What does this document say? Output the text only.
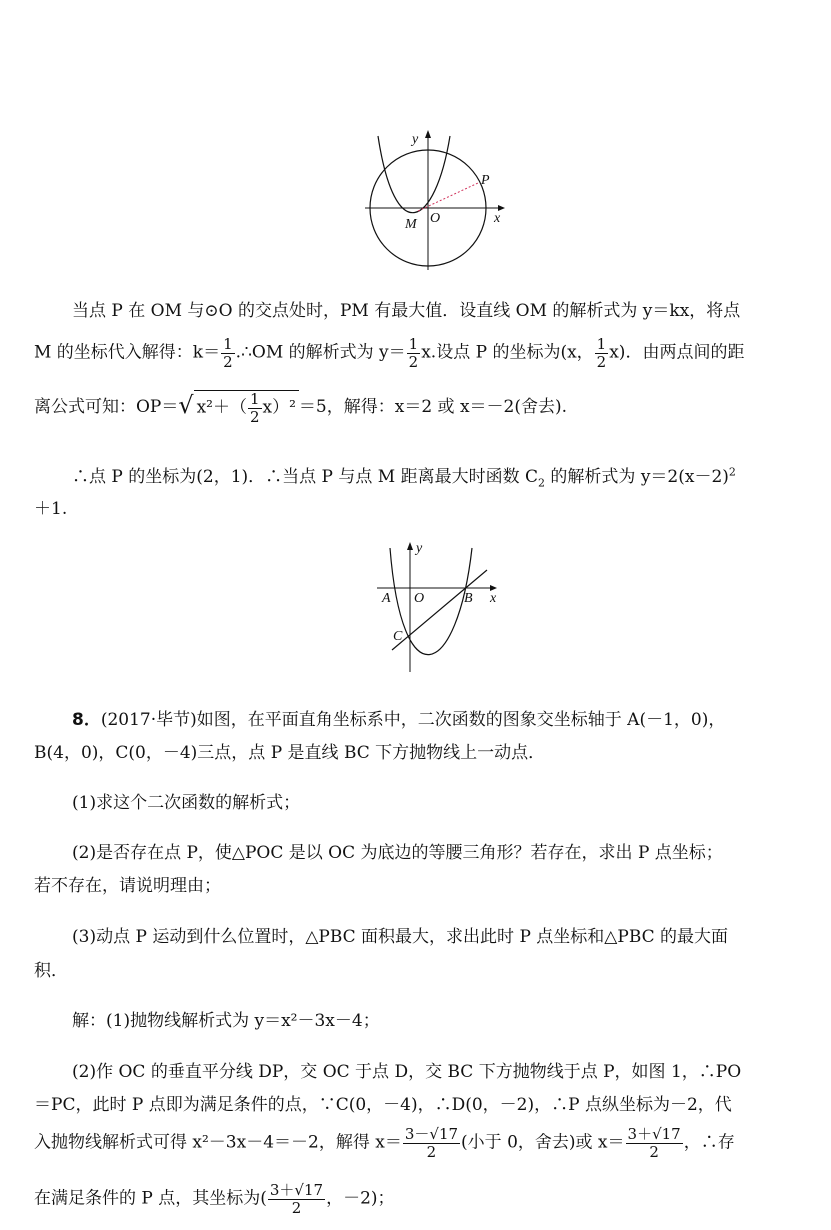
y
x
O
P
M
当点 P 在 OM 与⊙O 的交点处时，PM 有最大值．设直线 OM 的解析式为 y＝kx，将点
M 的坐标代入解得：$k= \frac{1}{2}$ .∴OM 的解析式为 $y= \frac{1}{2} x$.设点 P 的坐标为(x， $\frac{1}{2} x$)．由两点间的距
离公式可知：OP＝√ $x^2+( \frac{1}{2} x)^2 =5$，解得：x＝2 或 x＝－2(舍去).
∴点 P 的坐标为(2，1)．∴当点 P 与点 M 距离最大时函数 $C_2$ 的解析式为 $y=2(x-2)^2$
＋1.
y
x
O
A	B
C
8．(2017·毕节)如图，在平面直角坐标系中，二次函数的图象交坐标轴于 A(－1，0)，
B(4，0)，C(0，－4)三点，点 P 是直线 BC 下方抛物线上一动点．
(1)求这个二次函数的解析式；
(2)是否存在点 P，使△POC 是以 OC 为底边的等腰三角形？若存在，求出 P 点坐标；
若不存在，请说明理由；
(3)动点 P 运动到什么位置时，△PBC 面积最大，求出此时 P 点坐标和△PBC 的最大面
积．
解：(1)抛物线解析式为 y＝x²－3x－4；
(2)作 OC 的垂直平分线 DP，交 OC 于点 D，交 BC 下方抛物线于点 P，如图 1，∴PO
＝PC，此时 P 点即为满足条件的点，∵C(0，－4)，∴D(0，－2)，∴P 点纵坐标为－2，代
入抛物线解析式可得 x²－3x－4＝－2，解得 $x= \frac{3-√17}{2}$ (小于 0，舍去)或 $x= \frac{3+√17}{2}$ ，∴存
在满足条件的 P 点，其坐标为( $\frac{3+√17}{2}$ ，－2)；
